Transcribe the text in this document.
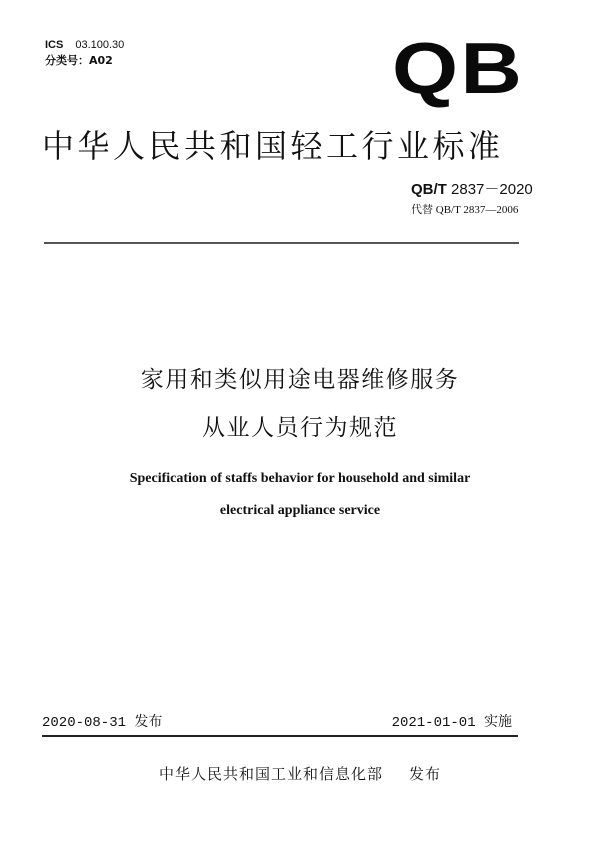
ICS 03.100.30
分类号：A02	QB
中华人民共和国轻工行业标准
QB/T 2837－2020
代替 QB/T 2837—2006
家用和类似用途电器维修服务
从业人员行为规范
Specification of staffs behavior for household and similar
electrical appliance service
2020-08-31 发布	2021-01-01 实施
中华人民共和国工业和信息化部 发布
